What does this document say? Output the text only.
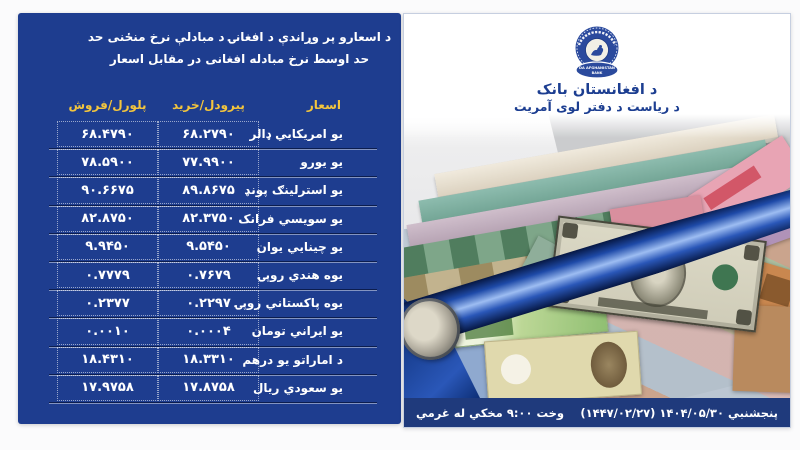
د اسعارو پر وړاندې د افغانۍ د مبادلې نرخ منځنی حد
حد اوسط نرخ مبادله افغانی در مقابل اسعار
اسعار
پیرودل/خرید
پلورل/فروش
یو امریکایي ډالر
۶۸.۲۷۹۰
۶۸.۴۷۹۰
یو یورو
۷۷.۹۹۰۰
۷۸.۵۹۰۰
یو استرلینګ پونډ
۸۹.۸۶۷۵
۹۰.۶۶۷۵
یو سویسي فرانک
۸۲.۳۷۵۰
۸۲.۸۷۵۰
یو چینایي یوان
۹.۵۴۵۰
۹.۹۴۵۰
یوه هندي روپۍ
۰.۷۶۷۹
۰.۷۷۷۹
یوه پاکستاني روپۍ
۰.۲۲۹۷
۰.۲۳۷۷
یو ایراني تومان
۰.۰۰۰۴
۰.۰۰۱۰
د اماراتو یو درهم
۱۸.۳۳۱۰
۱۸.۴۳۱۰
یو سعودي ریال
۱۷.۸۷۵۸
۱۷.۹۷۵۸
DA AFGHANISTAN
BANK
د افغانستان بانک
د ریاست د دفتر لوی آمریت
پنجشنبي ۱۴۰۴/۰۵/۳۰ (۱۴۴۷/۰۲/۲۷)
وخت ۹:۰۰ مخکي له غرمي
